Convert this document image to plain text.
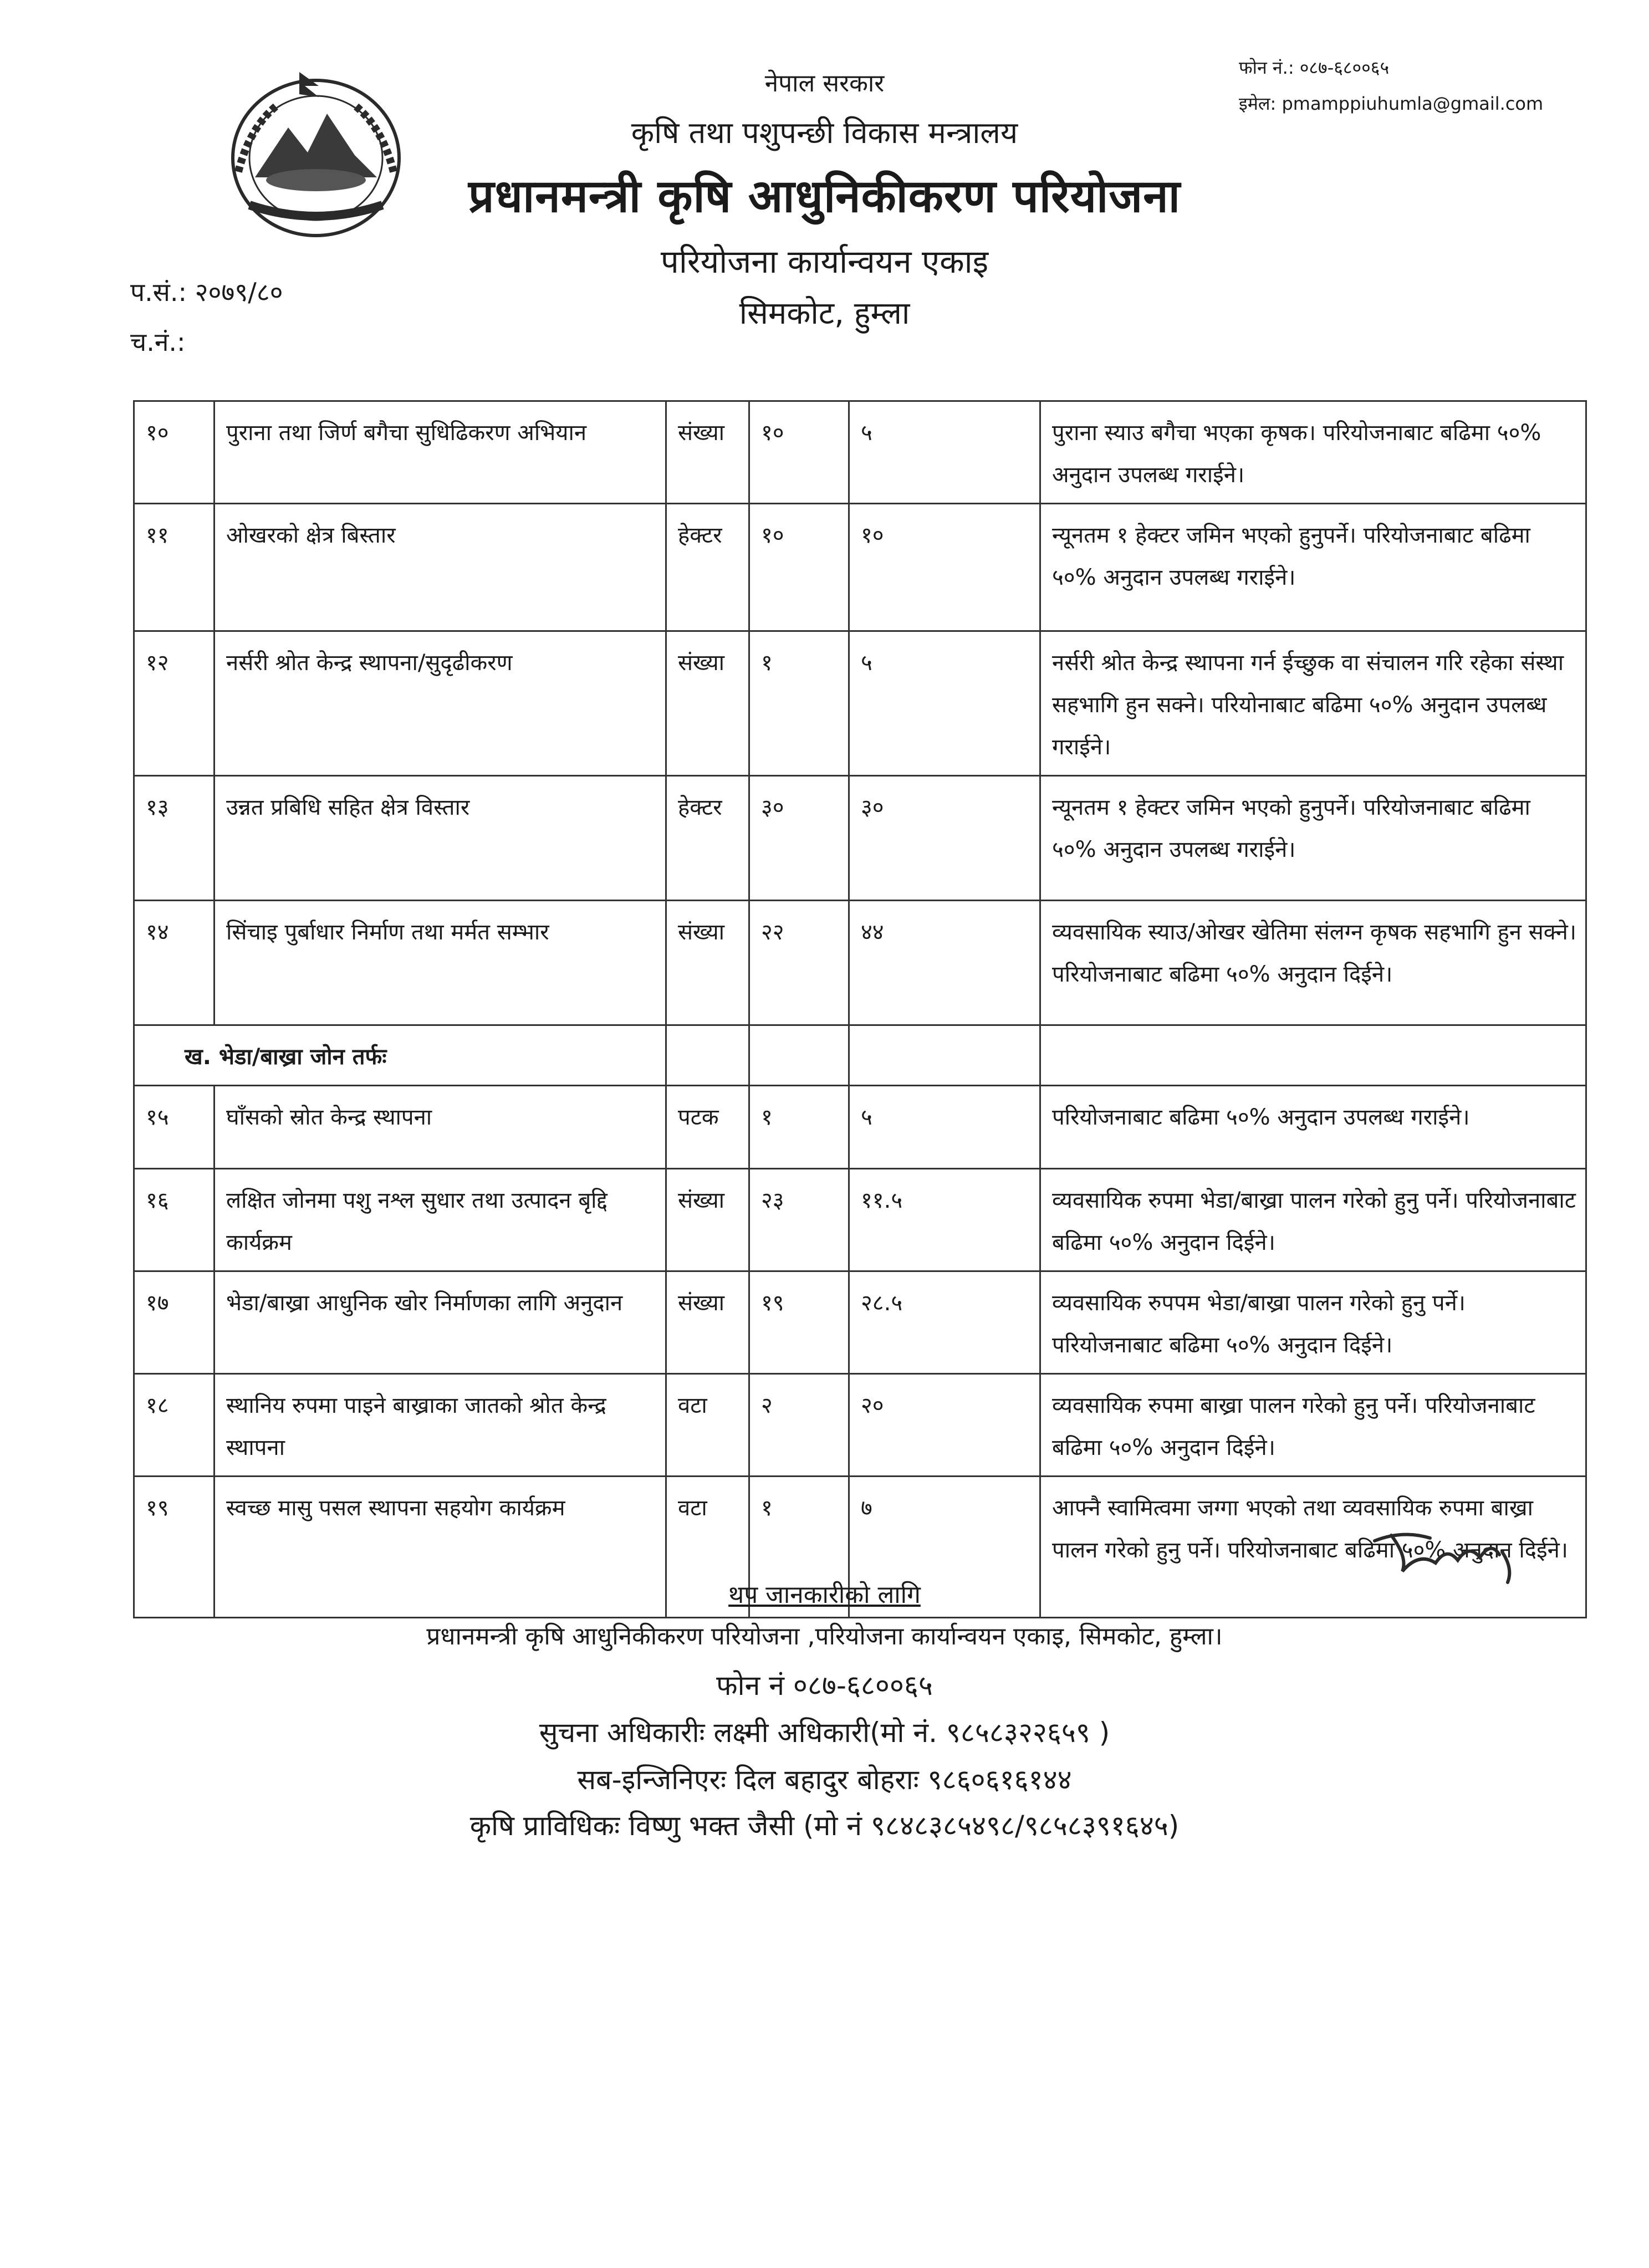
नेपाल सरकार
कृषि तथा पशुपन्छी विकास मन्त्रालय
प्रधानमन्त्री कृषि आधुनिकीकरण परियोजना
परियोजना कार्यान्वयन एकाइ
सिमकोट, हुम्ला
फोन नं.: ०८७-६८००६५
इमेल: pmamppiuhumla@gmail.com
प.सं.: २०७९/८०
च.नं.:
१०	पुराना तथा जिर्ण बगैचा सुधिढिकरण अभियान	संख्या	१०	५	पुराना स्याउ बगैचा भएका कृषक। परियोजनाबाट बढिमा ५०% अनुदान उपलब्ध गराईने।
११	ओखरको क्षेत्र बिस्तार	हेक्टर	१०	१०	न्यूनतम १ हेक्टर जमिन भएको हुनुपर्ने। परियोजनाबाट बढिमा ५०% अनुदान उपलब्ध गराईने।
१२	नर्सरी श्रोत केन्द्र स्थापना/सुदृढीकरण	संख्या	१	५	नर्सरी श्रोत केन्द्र स्थापना गर्न ईच्छुक वा संचालन गरि रहेका संस्था सहभागि हुन सक्ने। परियोनाबाट बढिमा ५०% अनुदान उपलब्ध गराईने।
१३	उन्नत प्रबिधि सहित क्षेत्र विस्तार	हेक्टर	३०	३०	न्यूनतम १ हेक्टर जमिन भएको हुनुपर्ने। परियोजनाबाट बढिमा ५०% अनुदान उपलब्ध गराईने।
१४	सिंचाइ पुर्बाधार निर्माण तथा मर्मत सम्भार	संख्या	२२	४४	व्यवसायिक स्याउ/ओखर खेतिमा संलग्न कृषक सहभागि हुन सक्ने। परियोजनाबाट बढिमा ५०% अनुदान दिईने।
ख. भेडा/बाख्रा जोन तर्फः					
१५	घाँसको स्रोत केन्द्र स्थापना	पटक	१	५	परियोजनाबाट बढिमा ५०% अनुदान उपलब्ध गराईने।
१६	लक्षित जोनमा पशु नश्ल सुधार तथा उत्पादन बृद्दि कार्यक्रम	संख्या	२३	११.५	व्यवसायिक रुपमा भेडा/बाख्रा पालन गरेको हुनु पर्ने। परियोजनाबाट बढिमा ५०% अनुदान दिईने।
१७	भेडा/बाख्रा आधुनिक खोर निर्माणका लागि अनुदान	संख्या	१९	२८.५	व्यवसायिक रुपपम भेडा/बाख्रा पालन गरेको हुनु पर्ने। परियोजनाबाट बढिमा ५०% अनुदान दिईने।
१८	स्थानिय रुपमा पाइने बाख्राका जातको श्रोत केन्द्र स्थापना	वटा	२	२०	व्यवसायिक रुपमा बाख्रा पालन गरेको हुनु पर्ने। परियोजनाबाट बढिमा ५०% अनुदान दिईने।
१९	स्वच्छ मासु पसल स्थापना सहयोग कार्यक्रम	वटा	१	७	आफ्नै स्वामित्वमा जग्गा भएको तथा व्यवसायिक रुपमा बाख्रा पालन गरेको हुनु पर्ने। परियोजनाबाट बढिमा ५०% अनुदान दिईने।
थप जानकारीको लागि
प्रधानमन्त्री कृषि आधुनिकीकरण परियोजना ,परियोजना कार्यान्वयन एकाइ, सिमकोट, हुम्ला।
फोन नं ०८७-६८००६५
सुचना अधिकारीः लक्ष्मी अधिकारी(मो नं. ९८५८३२२६५९ )
सब-इन्जिनिएरः दिल बहादुर बोहराः ९८६०६१६१४४
कृषि प्राविधिकः विष्णु भक्त जैसी (मो नं ९८४८३८५४९८/९८५८३९१६४५)
